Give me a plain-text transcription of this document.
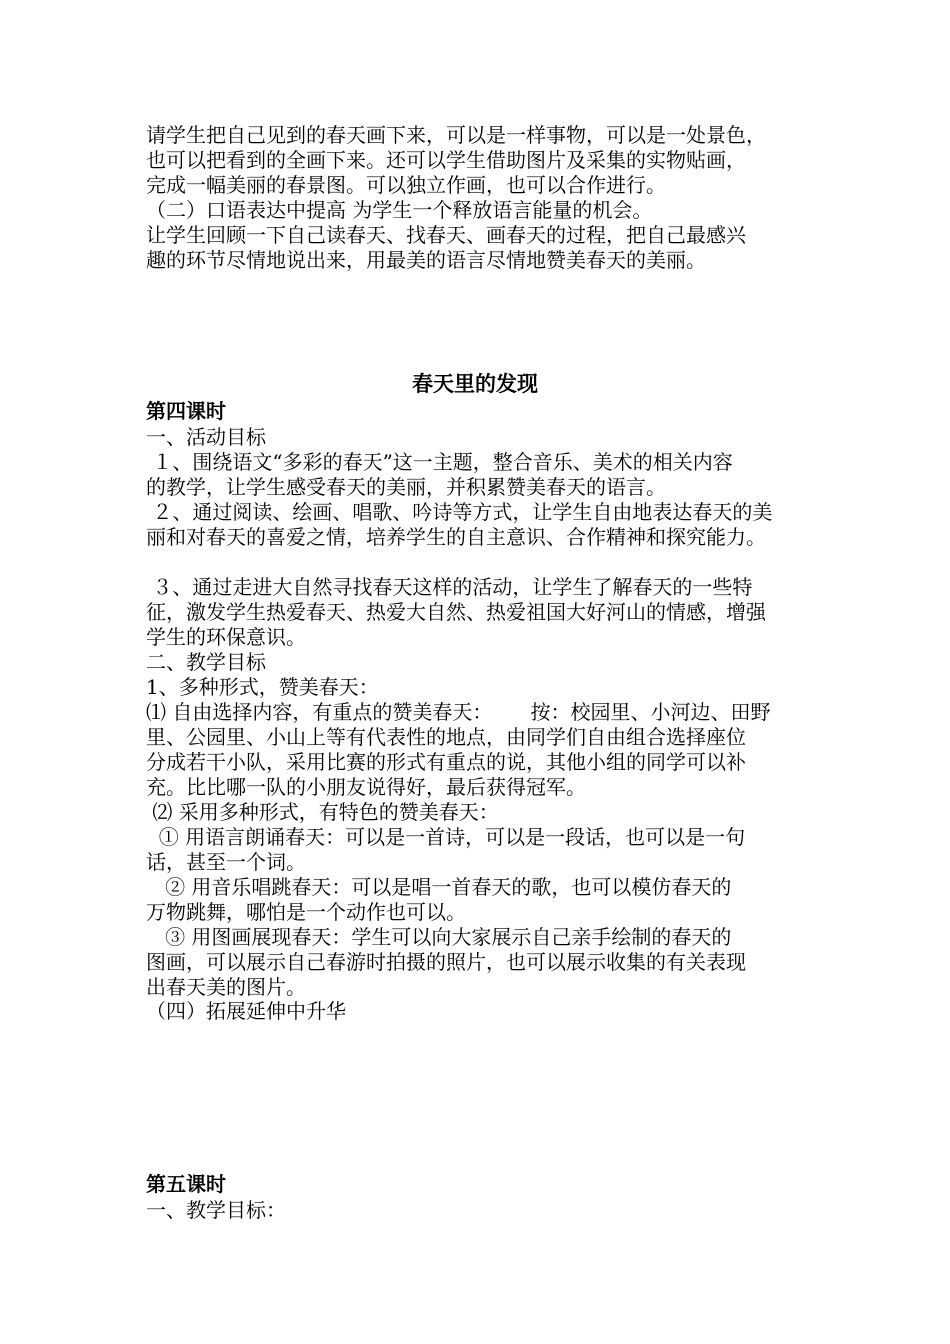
请学生把自己见到的春天画下来，可以是一样事物，可以是一处景色，

也可以把看到的全画下来。还可以学生借助图片及采集的实物贴画，

完成一幅美丽的春景图。可以独立作画，也可以合作进行。

（二）口语表达中提高 为学生一个释放语言能量的机会。

让学生回顾一下自己读春天、找春天、画春天的过程，把自己最感兴

趣的环节尽情地说出来，用最美的语言尽情地赞美春天的美丽。

春天里的发现

第四课时

一、活动目标

１、围绕语文“多彩的春天”这一主题，整合音乐、美术的相关内容

的教学，让学生感受春天的美丽，并积累赞美春天的语言。

２、通过阅读、绘画、唱歌、吟诗等方式，让学生自由地表达春天的美

丽和对春天的喜爱之情，培养学生的自主意识、合作精神和探究能力。

３、通过走进大自然寻找春天这样的活动，让学生了解春天的一些特

征，激发学生热爱春天、热爱大自然、热爱祖国大好河山的情感，增强

学生的环保意识。

二、教学目标

1、多种形式，赞美春天：

⑴ 自由选择内容，有重点的赞美春天：      按：校园里、小河边、田野

里、公园里、小山上等有代表性的地点，由同学们自由组合选择座位

分成若干小队，采用比赛的形式有重点的说，其他小组的同学可以补

充。比比哪一队的小朋友说得好，最后获得冠军。

⑵ 采用多种形式，有特色的赞美春天：

① 用语言朗诵春天：可以是一首诗，可以是一段话，也可以是一句

话，甚至一个词。

② 用音乐唱跳春天：可以是唱一首春天的歌，也可以模仿春天的

万物跳舞，哪怕是一个动作也可以。

③ 用图画展现春天：学生可以向大家展示自己亲手绘制的春天的

图画，可以展示自己春游时拍摄的照片，也可以展示收集的有关表现

出春天美的图片。

（四）拓展延伸中升华

第五课时

一、教学目标：
